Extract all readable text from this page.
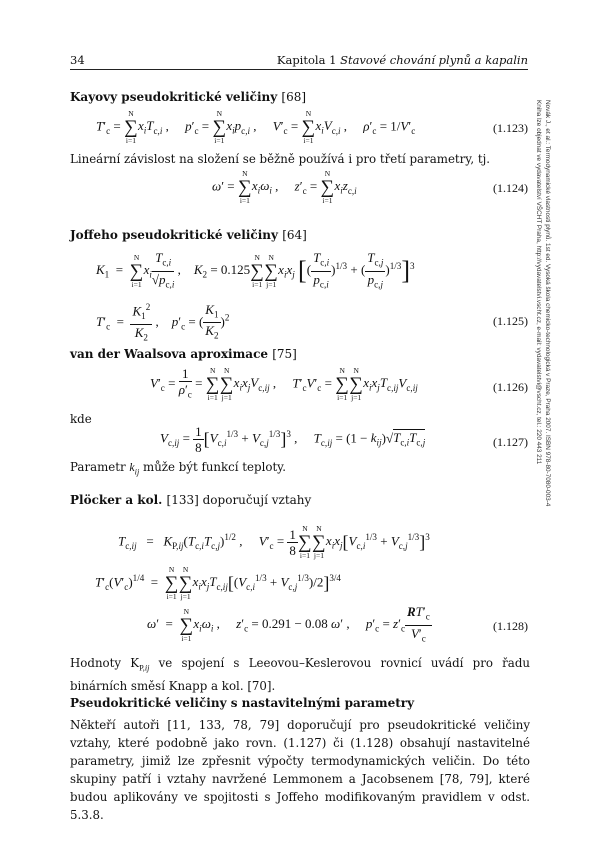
34	Kapitola 1 Stavové chování plynů a kapalin
Novák J., et al.: Termodynamické vlastnosti plynů. 1st ed. Vysoká škola chemicko-technologická v Praze, Praha 2007. ISBN 978-80-7080-003-4
Kniha lze objednat ve vydavatelství VŠCHT Praha, http://vydavatelstvi.vscht.cz, e-mail: vydavatelstvi@vscht.cz, tel.: 220 443 211
Kayovy pseudokritické veličiny [68]
$T'_c$ =
N
∑
i=1
$x_iT_{c,i}$ ,     $p'_c$ =
N
∑
i=1
$x_ip_{c,i}$ ,     $V'_c$ =
N
∑
i=1
$x_iV_{c,i}$ ,     $\rho'_c = 1/V'_c$	(1.123)
Lineární závislost na složení se běžně používá i pro třetí parametry, tj.
ω′ =
N
∑
i=1
$x_i\omega_i$ ,     $z'_c$ =
N
∑
i=1
$x_iz_{c,i}$	(1.124)
Joffeho pseudokritické veličiny [64]
$K_1$  =
N
∑
i=1
$x_i \frac{T_{c,i}}{√p_{c,i}}$ ,    $K_2 = 0.125$
N
∑
i=1
N
∑
j=1
$x_ix_j$ [( $\frac{T_{c,i}}{p_{c,i}} )^{1/3}$ + ( $\frac{T_{c,j}}{p_{c,j}} )^{1/3}]^3$
$T'_c = \frac{K_1^2}{K_2}$ ,    $p'_c$ = ( $\frac{K_1}{K_2} )^2$	(1.125)
van der Waalsova aproximace [75]
$V'_c = \frac{1}{\rho'_c}$ =
N
∑
i=1
N
∑
j=1
$x_ix_jV_{c,ij}$ ,     $T'_cV'_c$ =
N
∑
i=1
N
∑
j=1
$x_ix_jT_{c,ij}V_{c,ij}$	(1.126)
kde
$V_{c,ij} = \frac{1}{8} [V_{c,i}^{1/3} + V_{c,j}^{1/3}]^3$ ,     $T_{c,ij} = (1 - k_{ij})√T_{c,i}T_{c,j}$	(1.127)
Parametr $k_{ij}$ může být funkcí teploty.
Plöcker a kol. [133] doporučují vztahy
$T_{c,ij} = K_{P,ij}(T_{c,i}T_{c,j})^{1/2}$ ,     $V'_c = \frac{1}{8}$ N
∑
i=1
N
∑
j=1
$x_ix_j[V_{c,i}^{1/3} + V_{c,j}^{1/3}]^3$
$T'_c(V'_c)^{1/4}$  =
N
∑
i=1
N
∑
j=1
$x_ix_jT_{c,ij}[(V_{c,i}^{1/3} + V_{c,j}^{1/3})/2]^{3/4}$
ω′  =
N
∑
i=1
$x_i\omega_i$ ,     $z'_c = 0.291 - 0.08$ ω′ ,     $p'_c = z'_c \frac{RT'_c}{V'_c}$	(1.128)
Hodnoty $K_{P,ij}$ ve spojení s Leeovou–Keslerovou rovnicí uvádí pro řadu binárních směsí Knapp a kol. [70].
Pseudokritické veličiny s nastavitelnými parametry
Někteří autoři [11, 133, 78, 79] doporučují pro pseudokritické veličiny vztahy, které podobně jako rovn. (1.127) či (1.128) obsahují nastavitelné parametry, jimiž lze zpřesnit výpočty termodynamických veličin. Do této skupiny patří i vztahy navržené Lemmonem a Jacobsenem [78, 79], které budou aplikovány ve spojitosti s Joffeho modifikovaným pravidlem v odst. 5.3.8.
